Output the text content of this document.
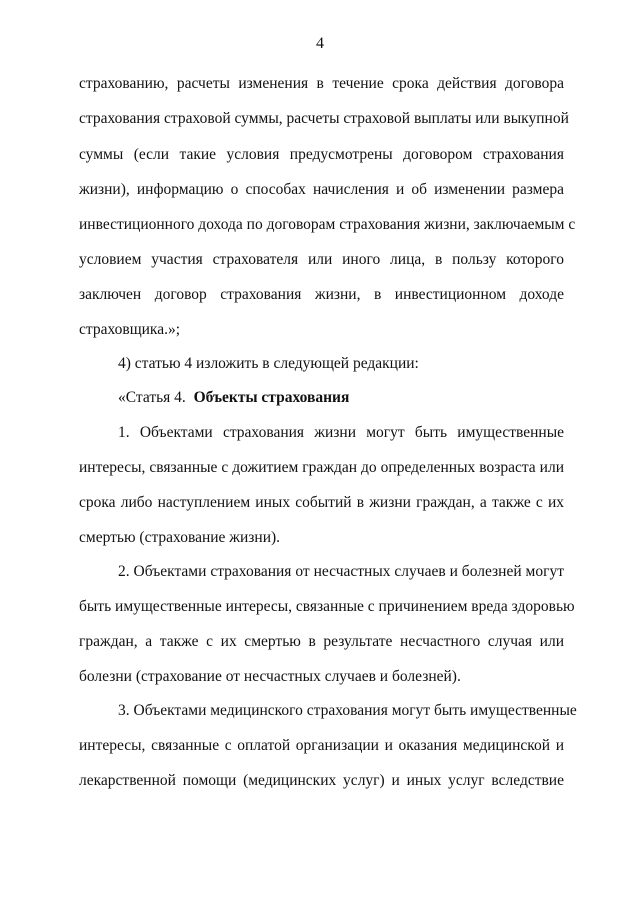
4
страхованию, расчеты изменения в течение срока действия договора
страхования страховой суммы, расчеты страховой выплаты или выкупной
суммы (если такие условия предусмотрены договором страхования
жизни), информацию о способах начисления и об изменении размера
инвестиционного дохода по договорам страхования жизни, заключаемым с
условием участия страхователя или иного лица, в пользу которого
заключен договор страхования жизни, в инвестиционном доходе
страховщика.»;
4) статью 4 изложить в следующей редакции:
«Статья 4. Объекты страхования
1. Объектами страхования жизни могут быть имущественные
интересы, связанные с дожитием граждан до определенных возраста или
срока либо наступлением иных событий в жизни граждан, а также с их
смертью (страхование жизни).
2. Объектами страхования от несчастных случаев и болезней могут
быть имущественные интересы, связанные с причинением вреда здоровью
граждан, а также с их смертью в результате несчастного случая или
болезни (страхование от несчастных случаев и болезней).
3. Объектами медицинского страхования могут быть имущественные
интересы, связанные с оплатой организации и оказания медицинской и
лекарственной помощи (медицинских услуг) и иных услуг вследствие
